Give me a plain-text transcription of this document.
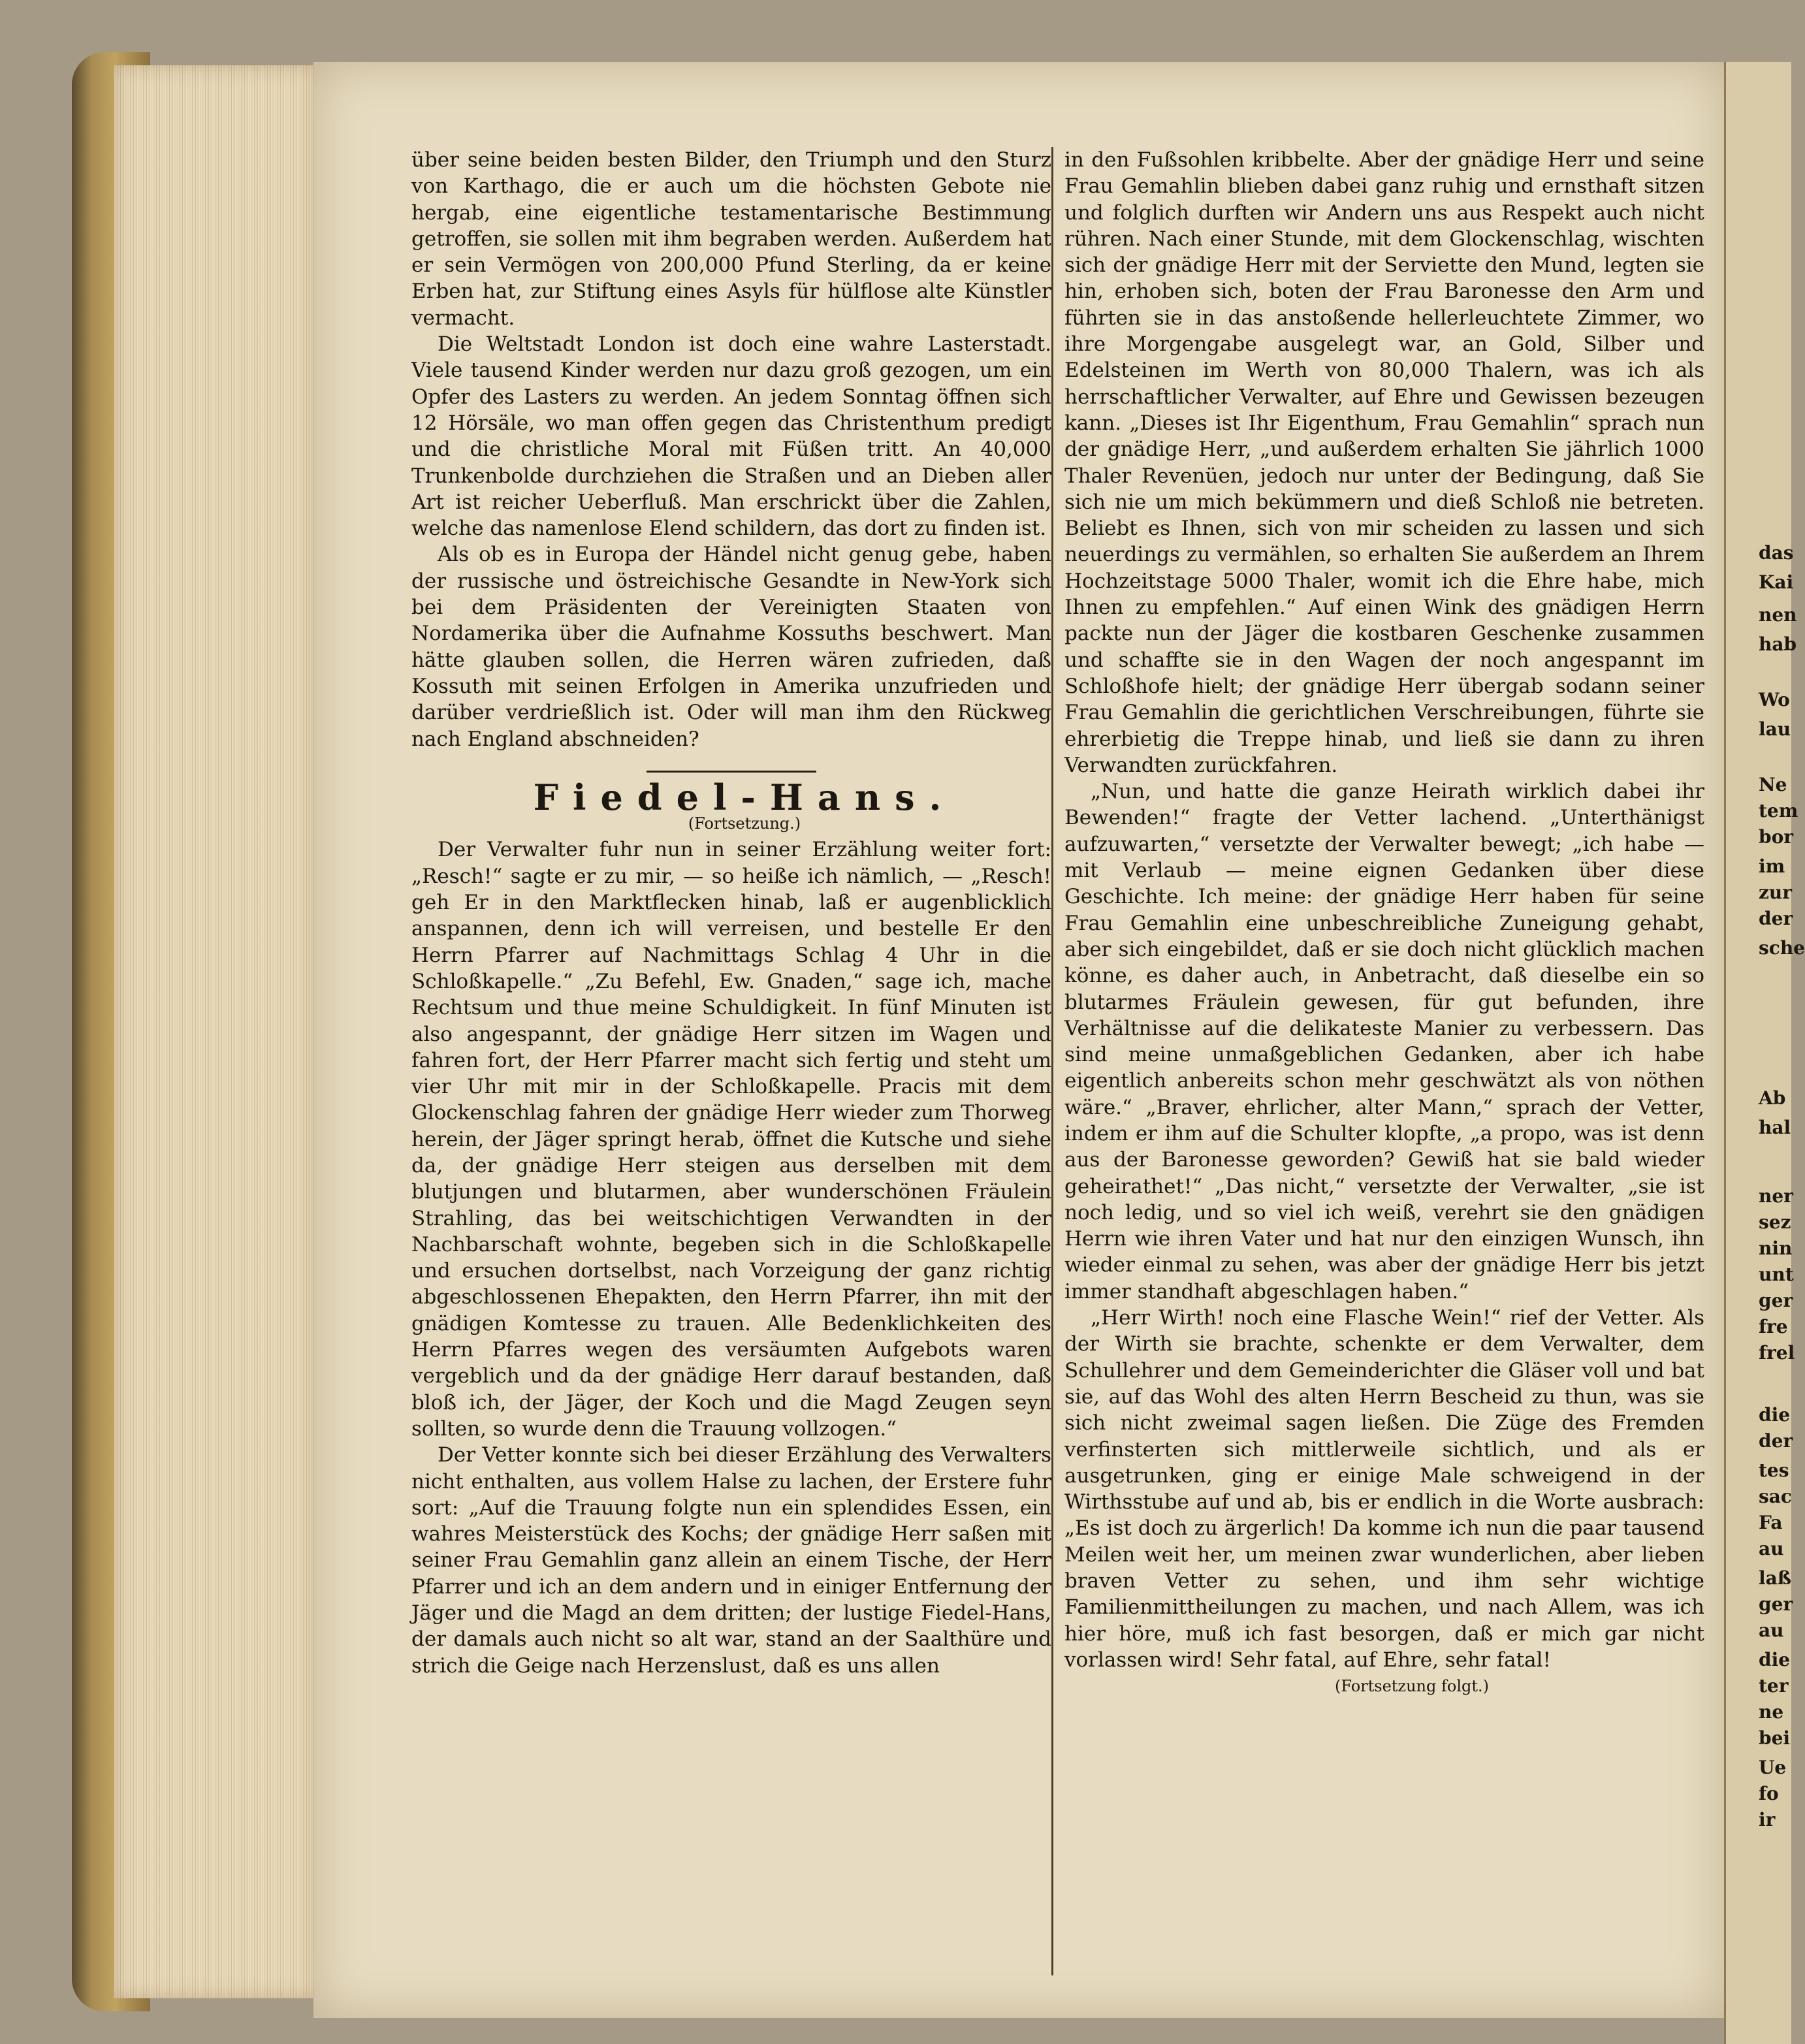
über seine beiden besten Bilder, den Triumph und den Sturz von Karthago, die er auch um die höchsten Gebote nie hergab, eine eigentliche testamentarische Bestimmung getroffen, sie sollen mit ihm begraben werden. Außerdem hat er sein Vermögen von 200,000 Pfund Sterling, da er keine Erben hat, zur Stiftung eines Asyls für hülflose alte Künstler vermacht.

Die Weltstadt London ist doch eine wahre Lasterstadt. Viele tausend Kinder werden nur dazu groß gezogen, um ein Opfer des Lasters zu werden. An jedem Sonntag öffnen sich 12 Hörsäle, wo man offen gegen das Christenthum predigt und die christliche Moral mit Füßen tritt. An 40,000 Trunkenbolde durchziehen die Straßen und an Dieben aller Art ist reicher Ueberfluß. Man erschrickt über die Zahlen, welche das namenlose Elend schildern, das dort zu finden ist.

Als ob es in Europa der Händel nicht genug gebe, haben der russische und östreichische Gesandte in New-York sich bei dem Präsidenten der Vereinigten Staaten von Nordamerika über die Aufnahme Kossuths beschwert. Man hätte glauben sollen, die Herren wären zufrieden, daß Kossuth mit seinen Erfolgen in Amerika unzufrieden und darüber verdrießlich ist. Oder will man ihm den Rückweg nach England abschneiden?

Fiedel-Hans.

(Fortsetzung.)

Der Verwalter fuhr nun in seiner Erzählung weiter fort: „Resch!“ sagte er zu mir, — so heiße ich nämlich, — „Resch! geh Er in den Marktflecken hinab, laß er augenblicklich anspannen, denn ich will verreisen, und bestelle Er den Herrn Pfarrer auf Nachmittags Schlag 4 Uhr in die Schloßkapelle.“ „Zu Befehl, Ew. Gnaden,“ sage ich, mache Rechtsum und thue meine Schuldigkeit. In fünf Minuten ist also angespannt, der gnädige Herr sitzen im Wagen und fahren fort, der Herr Pfarrer macht sich fertig und steht um vier Uhr mit mir in der Schloßkapelle. Pracis mit dem Glockenschlag fahren der gnädige Herr wieder zum Thorweg herein, der Jäger springt herab, öffnet die Kutsche und siehe da, der gnädige Herr steigen aus derselben mit dem blutjungen und blutarmen, aber wunderschönen Fräulein Strahling, das bei weitschichtigen Verwandten in der Nachbarschaft wohnte, begeben sich in die Schloßkapelle und ersuchen dortselbst, nach Vorzeigung der ganz richtig abgeschlossenen Ehepakten, den Herrn Pfarrer, ihn mit der gnädigen Komtesse zu trauen. Alle Bedenklichkeiten des Herrn Pfarres wegen des versäumten Aufgebots waren vergeblich und da der gnädige Herr darauf bestanden, daß bloß ich, der Jäger, der Koch und die Magd Zeugen seyn sollten, so wurde denn die Trauung vollzogen.“

Der Vetter konnte sich bei dieser Erzählung des Verwalters nicht enthalten, aus vollem Halse zu lachen, der Erstere fuhr sort: „Auf die Trauung folgte nun ein splendides Essen, ein wahres Meisterstück des Kochs; der gnädige Herr saßen mit seiner Frau Gemahlin ganz allein an einem Tische, der Herr Pfarrer und ich an dem andern und in einiger Entfernung der Jäger und die Magd an dem dritten; der lustige Fiedel-Hans, der damals auch nicht so alt war, stand an der Saalthüre und strich die Geige nach Herzenslust, daß es uns allen

in den Fußsohlen kribbelte. Aber der gnädige Herr und seine Frau Gemahlin blieben dabei ganz ruhig und ernsthaft sitzen und folglich durften wir Andern uns aus Respekt auch nicht rühren. Nach einer Stunde, mit dem Glockenschlag, wischten sich der gnädige Herr mit der Serviette den Mund, legten sie hin, erhoben sich, boten der Frau Baronesse den Arm und führten sie in das anstoßende hellerleuchtete Zimmer, wo ihre Morgengabe ausgelegt war, an Gold, Silber und Edelsteinen im Werth von 80,000 Thalern, was ich als herrschaftlicher Verwalter, auf Ehre und Gewissen bezeugen kann. „Dieses ist Ihr Eigenthum, Frau Gemahlin“ sprach nun der gnädige Herr, „und außerdem erhalten Sie jährlich 1000 Thaler Revenüen, jedoch nur unter der Bedingung, daß Sie sich nie um mich bekümmern und dieß Schloß nie betreten. Beliebt es Ihnen, sich von mir scheiden zu lassen und sich neuerdings zu vermählen, so erhalten Sie außerdem an Ihrem Hochzeitstage 5000 Thaler, womit ich die Ehre habe, mich Ihnen zu empfehlen.“ Auf einen Wink des gnädigen Herrn packte nun der Jäger die kostbaren Geschenke zusammen und schaffte sie in den Wagen der noch angespannt im Schloßhofe hielt; der gnädige Herr übergab sodann seiner Frau Gemahlin die gerichtlichen Verschreibungen, führte sie ehrerbietig die Treppe hinab, und ließ sie dann zu ihren Verwandten zurückfahren.

„Nun, und hatte die ganze Heirath wirklich dabei ihr Bewenden!“ fragte der Vetter lachend. „Unterthänigst aufzuwarten,“ versetzte der Verwalter bewegt; „ich habe — mit Verlaub — meine eignen Gedanken über diese Geschichte. Ich meine: der gnädige Herr haben für seine Frau Gemahlin eine unbeschreibliche Zuneigung gehabt, aber sich eingebildet, daß er sie doch nicht glücklich machen könne, es daher auch, in Anbetracht, daß dieselbe ein so blutarmes Fräulein gewesen, für gut befunden, ihre Verhältnisse auf die delikateste Manier zu verbessern. Das sind meine unmaßgeblichen Gedanken, aber ich habe eigentlich anbereits schon mehr geschwätzt als von nöthen wäre.“ „Braver, ehrlicher, alter Mann,“ sprach der Vetter, indem er ihm auf die Schulter klopfte, „a propo, was ist denn aus der Baronesse geworden? Gewiß hat sie bald wieder geheirathet!“ „Das nicht,“ versetzte der Verwalter, „sie ist noch ledig, und so viel ich weiß, verehrt sie den gnädigen Herrn wie ihren Vater und hat nur den einzigen Wunsch, ihn wieder einmal zu sehen, was aber der gnädige Herr bis jetzt immer standhaft abgeschlagen haben.“

„Herr Wirth! noch eine Flasche Wein!“ rief der Vetter. Als der Wirth sie brachte, schenkte er dem Verwalter, dem Schullehrer und dem Gemeinderichter die Gläser voll und bat sie, auf das Wohl des alten Herrn Bescheid zu thun, was sie sich nicht zweimal sagen ließen. Die Züge des Fremden verfinsterten sich mittlerweile sichtlich, und als er ausgetrunken, ging er einige Male schweigend in der Wirthsstube auf und ab, bis er endlich in die Worte ausbrach: „Es ist doch zu ärgerlich! Da komme ich nun die paar tausend Meilen weit her, um meinen zwar wunderlichen, aber lieben braven Vetter zu sehen, und ihm sehr wichtige Familienmittheilungen zu machen, und nach Allem, was ich hier höre, muß ich fast besorgen, daß er mich gar nicht vorlassen wird! Sehr fatal, auf Ehre, sehr fatal!

(Fortsetzung folgt.)

das
Kai
nen
hab
Wo
lau
Ne
tem
bor
im
zur
der
sche
Ab
hal
ner
sez
nin
unt
ger
fre
frel
die
der
tes
sac
Fa
au
laß
ger
au
die
ter
ne
bei
Ue
fo
ir
